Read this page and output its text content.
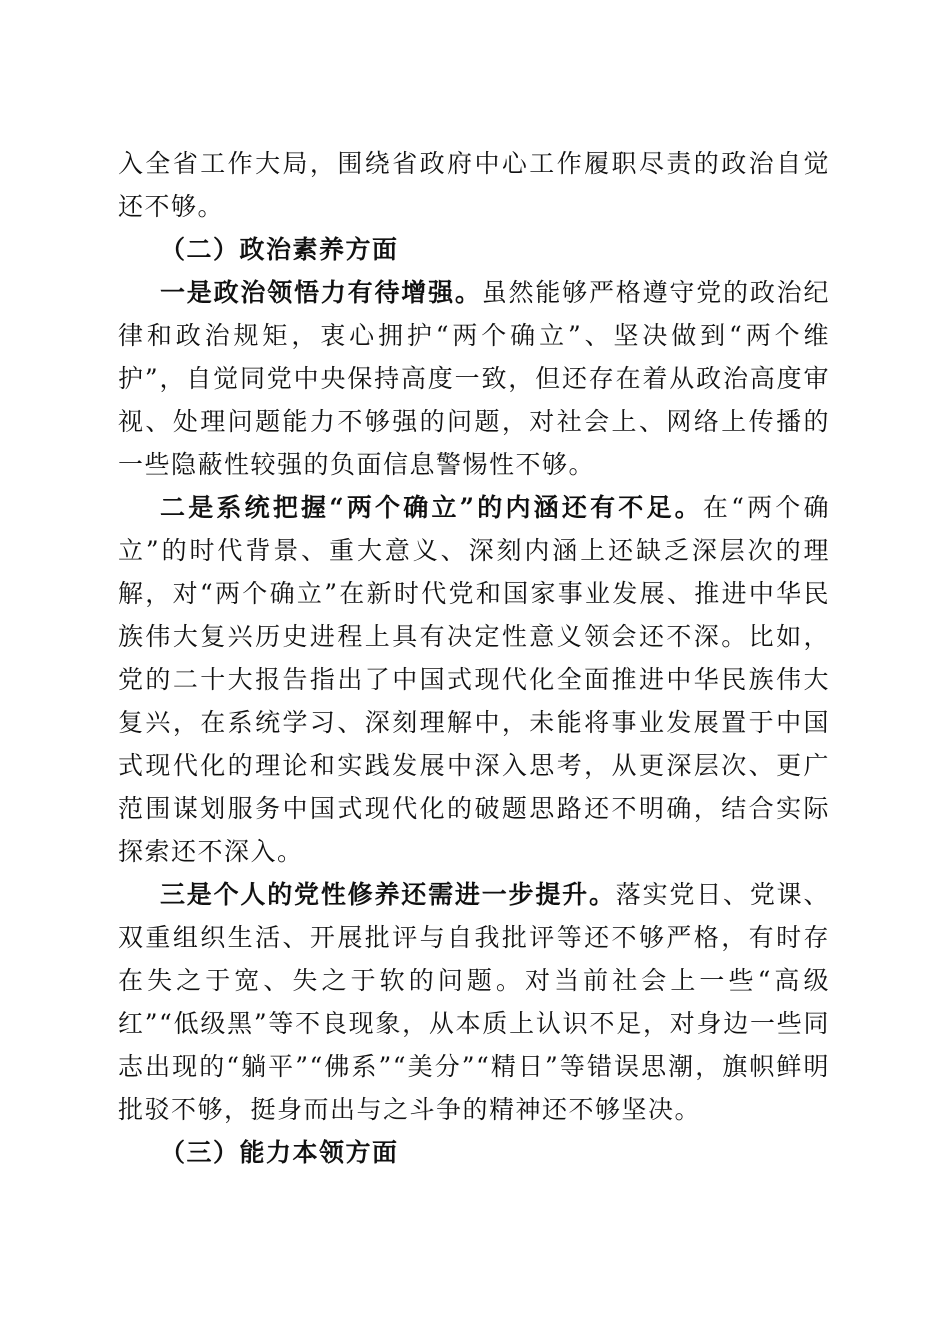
入全省工作大局，围绕省政府中心工作履职尽责的政治自觉还不够。

（二）政治素养方面

一是政治领悟力有待增强。虽然能够严格遵守党的政治纪律和政治规矩，衷心拥护“两个确立”、坚决做到“两个维护”，自觉同党中央保持高度一致，但还存在着从政治高度审视、处理问题能力不够强的问题，对社会上、网络上传播的一些隐蔽性较强的负面信息警惕性不够。

二是系统把握“两个确立”的内涵还有不足。在“两个确立”的时代背景、重大意义、深刻内涵上还缺乏深层次的理解，对“两个确立”在新时代党和国家事业发展、推进中华民族伟大复兴历史进程上具有决定性意义领会还不深。比如，党的二十大报告指出了中国式现代化全面推进中华民族伟大复兴，在系统学习、深刻理解中，未能将事业发展置于中国式现代化的理论和实践发展中深入思考，从更深层次、更广范围谋划服务中国式现代化的破题思路还不明确，结合实际探索还不深入。

三是个人的党性修养还需进一步提升。落实党日、党课、双重组织生活、开展批评与自我批评等还不够严格，有时存在失之于宽、失之于软的问题。对当前社会上一些“高级红”“低级黑”等不良现象，从本质上认识不足，对身边一些同志出现的“躺平”“佛系”“美分”“精日”等错误思潮，旗帜鲜明批驳不够，挺身而出与之斗争的精神还不够坚决。

（三）能力本领方面
